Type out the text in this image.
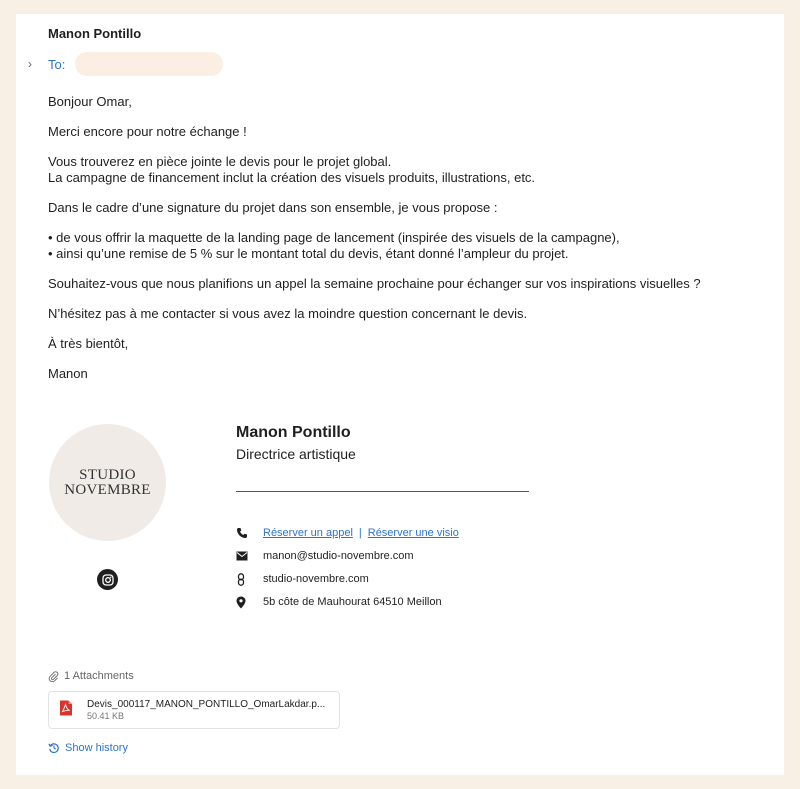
Manon Pontillo
›	To:

Bonjour Omar,

Merci encore pour notre échange !

Vous trouverez en pièce jointe le devis pour le projet global.
La campagne de financement inclut la création des visuels produits, illustrations, etc.

Dans le cadre d’une signature du projet dans son ensemble, je vous propose :

• de vous offrir la maquette de la landing page de lancement (inspirée des visuels de la campagne),
• ainsi qu’une remise de 5 % sur le montant total du devis, étant donné l’ampleur du projet.

Souhaitez-vous que nous planifions un appel la semaine prochaine pour échanger sur vos inspirations visuelles ?

N’hésitez pas à me contacter si vous avez la moindre question concernant le devis.

À très bientôt,

Manon

STUDIO
NOVEMBRE
Manon Pontillo
Directrice artistique
Réserver un appel | Réserver une visio
manon@studio-novembre.com
studio-novembre.com
5b côte de Mauhourat 64510 Meillon
1 Attachments
Devis_000117_MANON_PONTILLO_OmarLakdar.p...
50.41 KB
Show history
